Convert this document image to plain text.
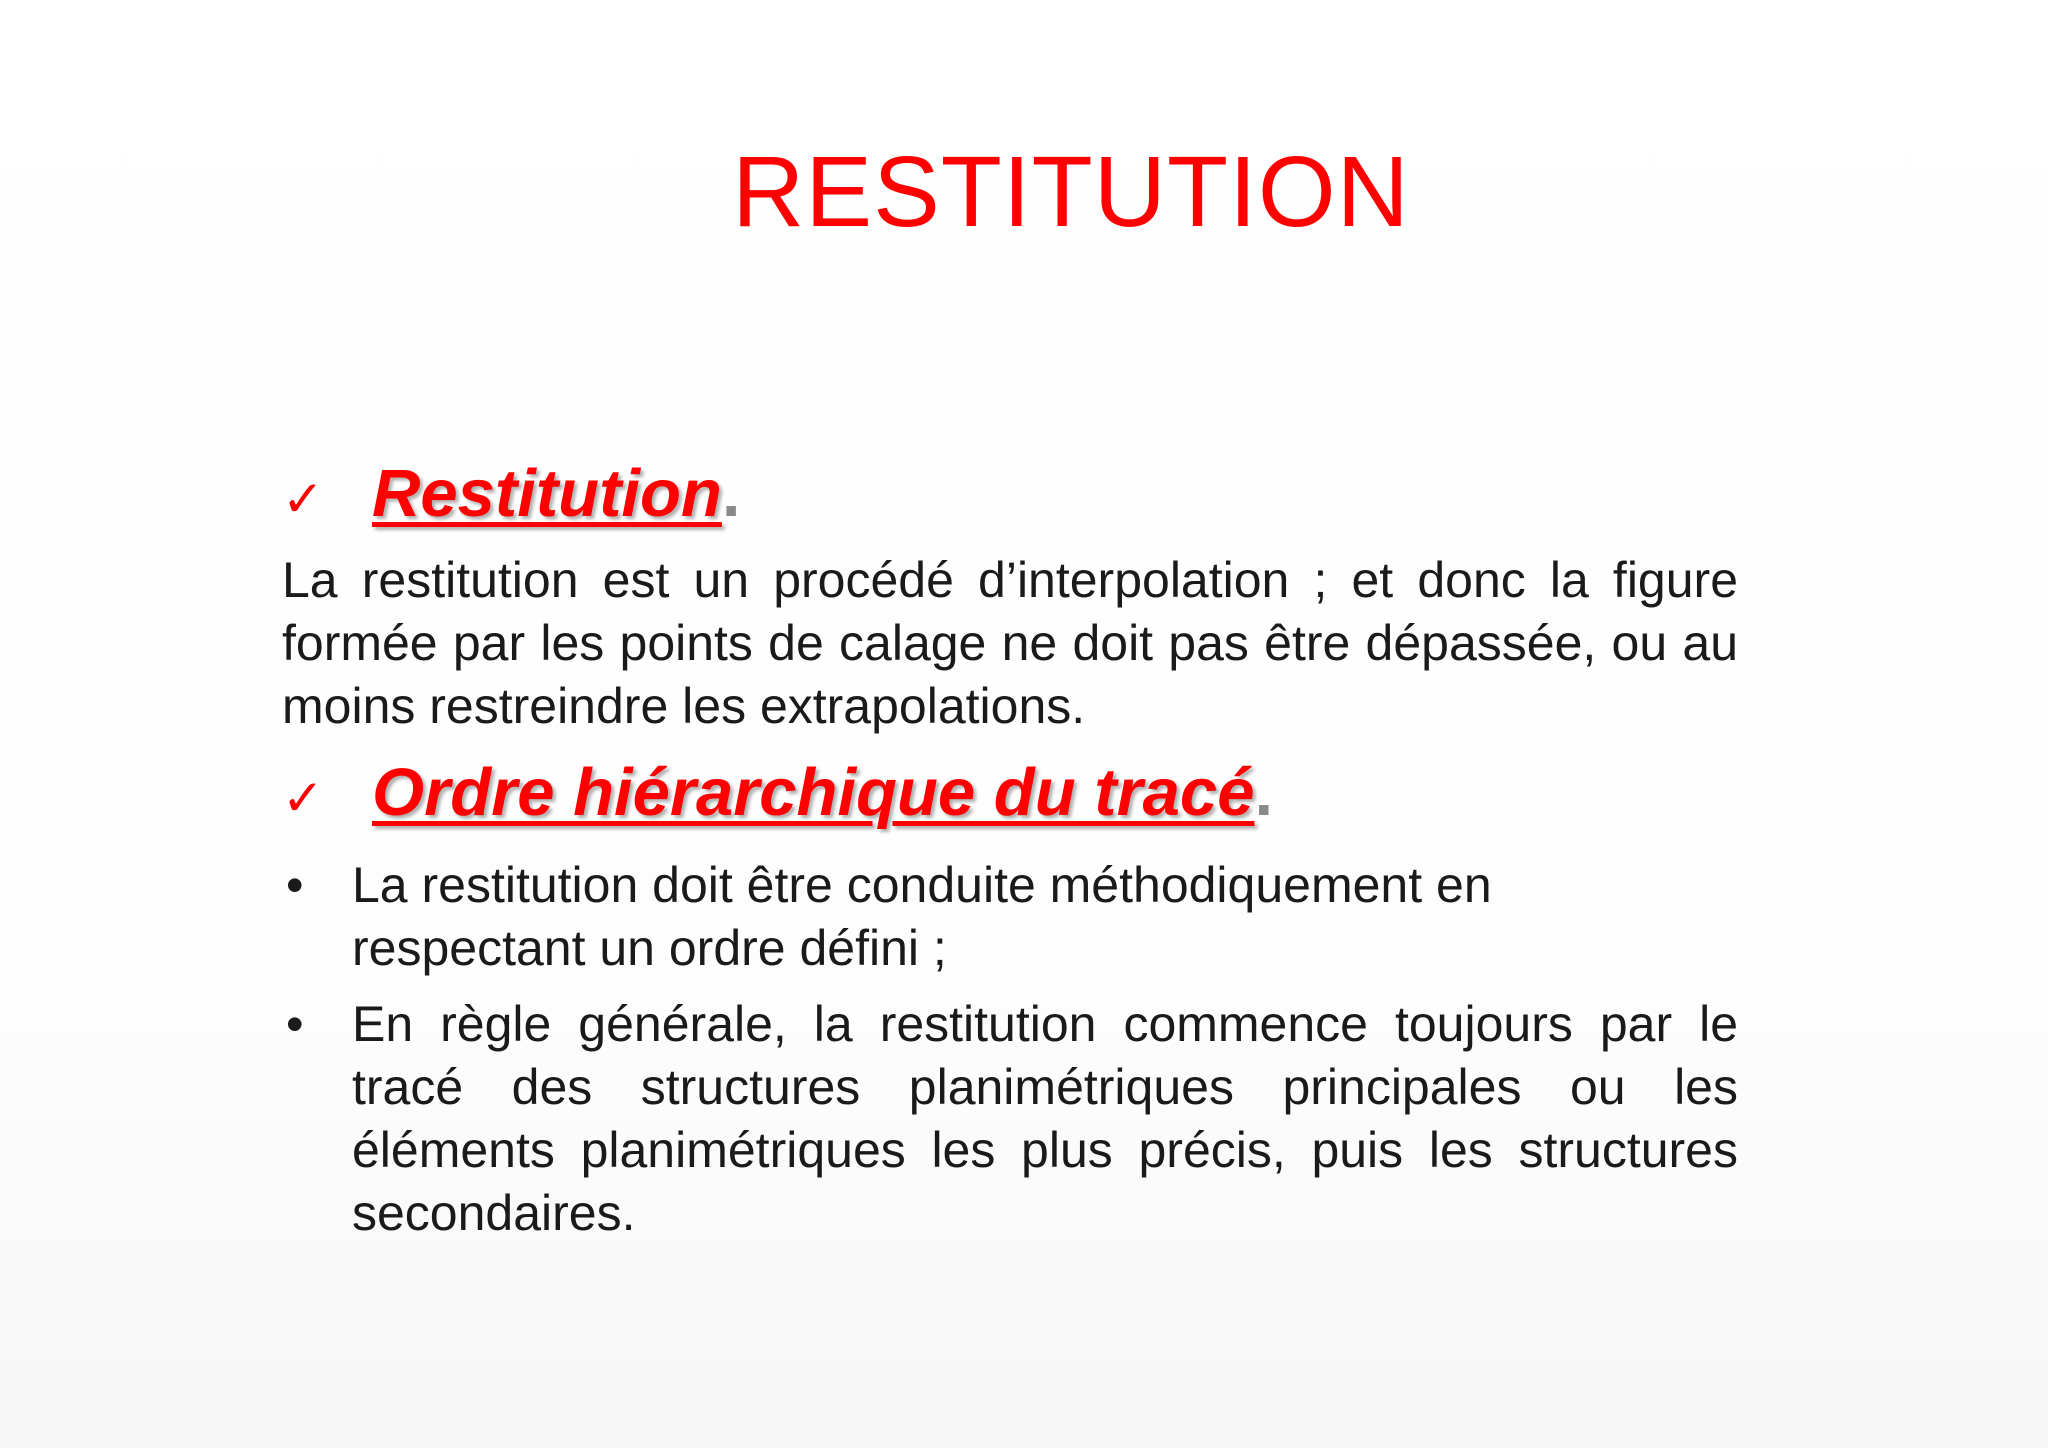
RESTITUTION
✓ Restitution .
La restitution est un procédé d’interpolation ; et donc la figure formée par les points de calage ne doit pas être dépassée, ou au moins restreindre les extrapolations.
✓ Ordre hiérarchique du tracé .
• La restitution doit être conduite méthodiquement en respectant un ordre défini ;
• En règle générale, la restitution commence toujours par le tracé des structures planimétriques principales ou les éléments planimétriques les plus précis, puis les structures secondaires.
